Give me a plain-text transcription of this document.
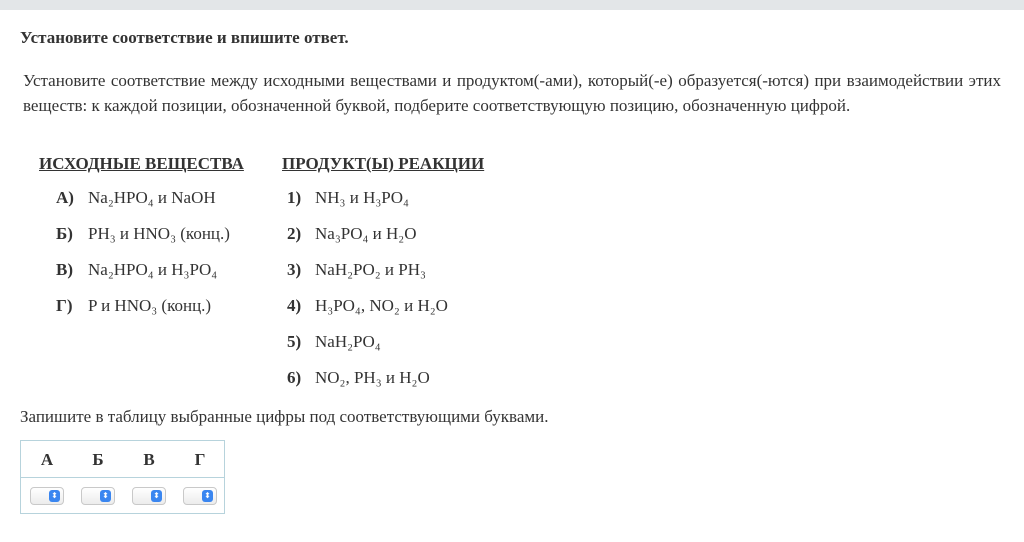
Установите соответствие и впишите ответ.
Установите соответствие между исходными веществами и продуктом(-ами), который(-е) образуется(-ются) при взаимодействии этих веществ: к каждой позиции, обозначенной буквой, подберите соответствующую позицию, обозначенную цифрой.
ИСХОДНЫЕ ВЕЩЕСТВА ПРОДУКТ(Ы) РЕАКЦИИ
А) Na₂HPO₄ и NaOH
Б) PH₃ и HNO₃ (конц.)
В) Na₂HPO₄ и H₃PO₄
Г) P и HNO₃ (конц.)
1) NH₃ и H₃PO₄
2) Na₃PO₄ и H₂O
3) NaH₂PO₂ и PH₃
4) H₃PO₄, NO₂ и H₂O
5) NaH₂PO₄
6) NO₂, PH₃ и H₂O
Запишите в таблицу выбранные цифры под соответствующими буквами.
А	Б	В	Г
⬍	⬍	⬍	⬍
